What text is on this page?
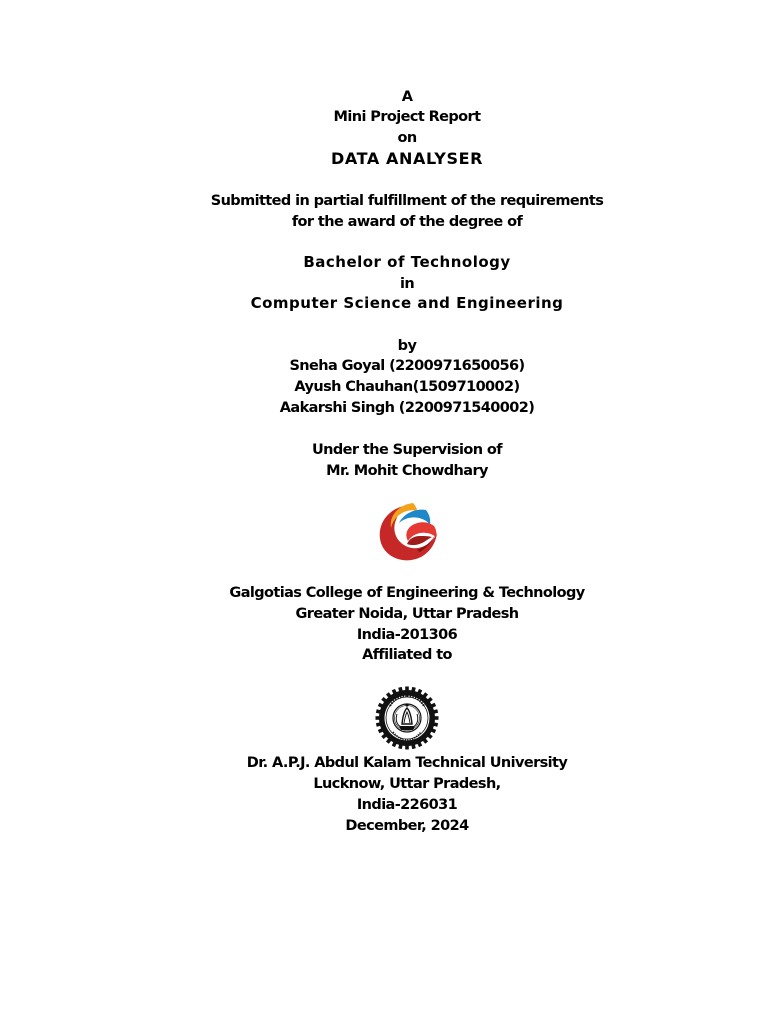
A
Mini Project Report
on
DATA ANALYSER
Submitted in partial fulfillment of the requirements
for the award of the degree of
Bachelor of Technology
in
Computer Science and Engineering
by
Sneha Goyal (2200971650056)
Ayush Chauhan(1509710002)
Aakarshi Singh (2200971540002)
Under the Supervision of
Mr. Mohit Chowdhary
Galgotias College of Engineering & Technology
Greater Noida, Uttar Pradesh
India-201306
Affiliated to
Dr. A.P.J. Abdul Kalam Technical University
Lucknow, Uttar Pradesh,
India-226031
December, 2024
